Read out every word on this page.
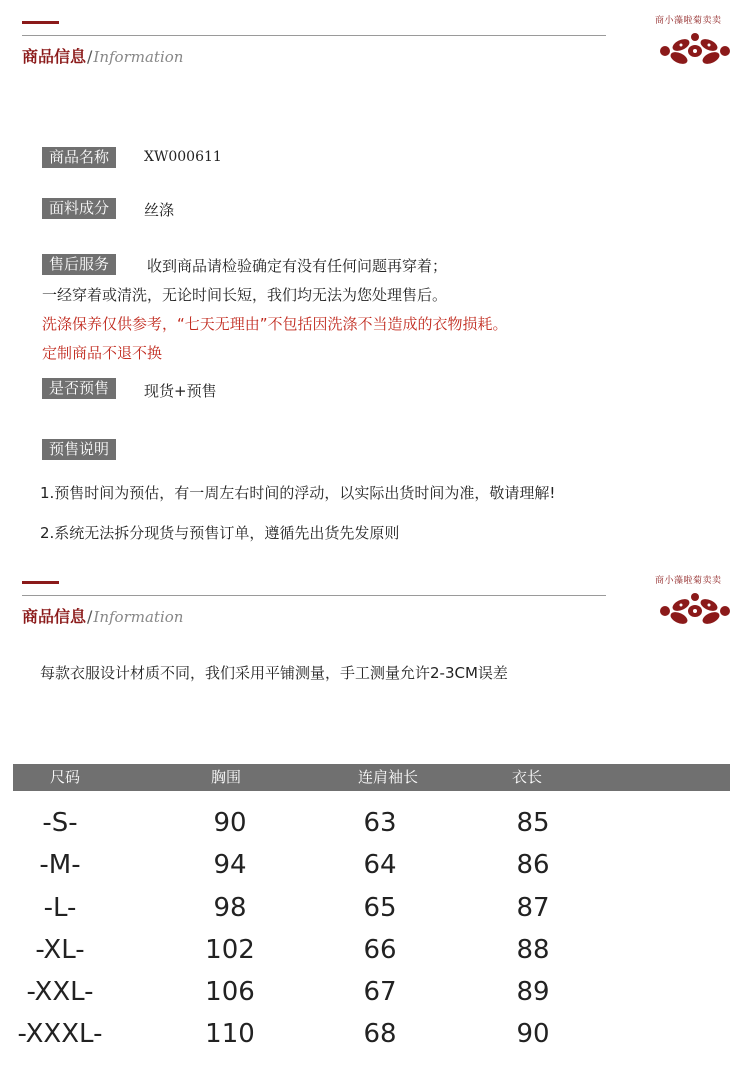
商品信息/Information
商小藻啦菊卖卖
商品名称	XW000611
面料成分	丝涤
售后服务	收到商品请检验确定有没有任何问题再穿着；
一经穿着或清洗，无论时间长短，我们均无法为您处理售后。
洗涤保养仅供参考，“七天无理由”不包括因洗涤不当造成的衣物损耗。
定制商品不退不换
是否预售	现货+预售
预售说明
1.预售时间为预估，有一周左右时间的浮动，以实际出货时间为准，敬请理解!
2.系统无法拆分现货与预售订单，遵循先出货先发原则
商品信息/Information
商小藻啦菊卖卖
每款衣服设计材质不同，我们采用平铺测量，手工测量允许2-3CM误差
尺码	胸围	连肩袖长	衣长
-S-	90	63	85
-M-	94	64	86
-L-	98	65	87
-XL-	102	66	88
-XXL-	106	67	89
-XXXL-	110	68	90
